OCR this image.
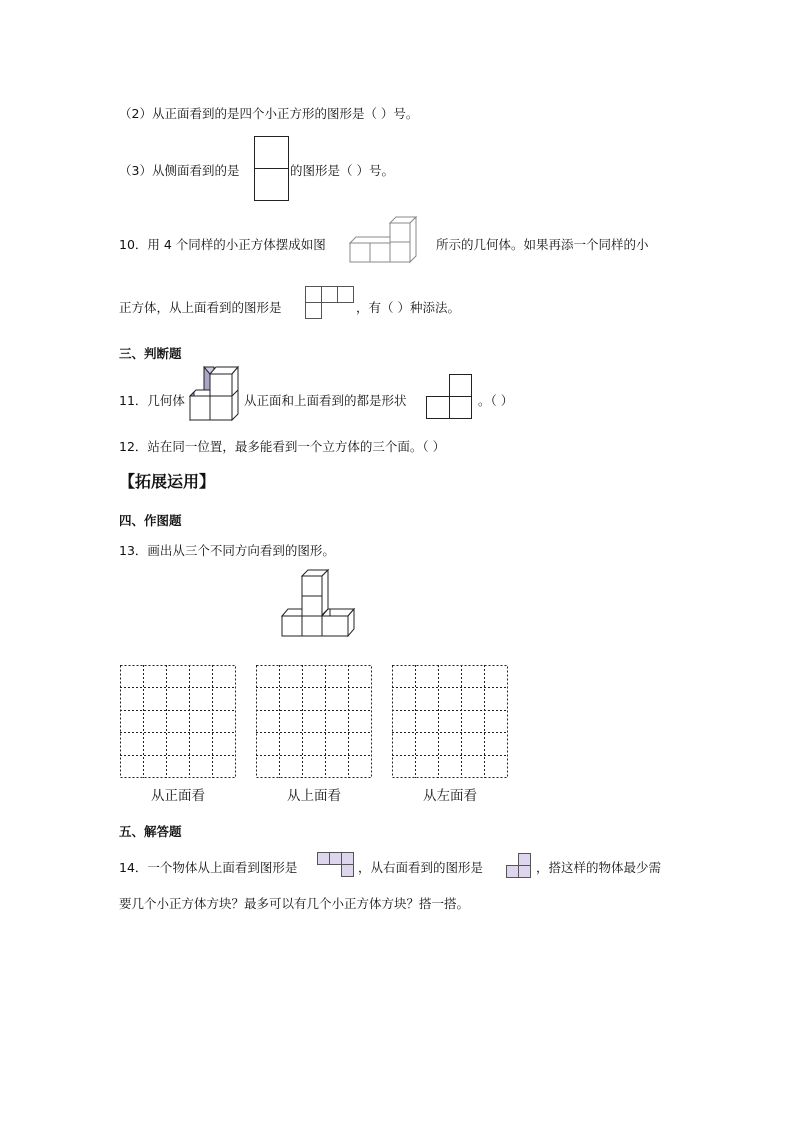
（2）从正面看到的是四个小正方形的图形是（ ）号。
（3）从侧面看到的是	的图形是（ ）号。
10．用 4 个同样的小正方体摆成如图	所示的几何体。如果再添一个同样的小
正方体，从上面看到的图形是	，有（ ）种添法。
三、判断题
11．几何体	从正面和上面看到的都是形状	。（ ）
12．站在同一位置，最多能看到一个立方体的三个面。（ ）
【拓展运用】
四、作图题
13．画出从三个不同方向看到的图形。
从正面看	从上面看	从左面看
五、解答题
14．一个物体从上面看到图形是	，从右面看到的图形是	，搭这样的物体最少需
要几个小正方体方块？最多可以有几个小正方体方块？搭一搭。
